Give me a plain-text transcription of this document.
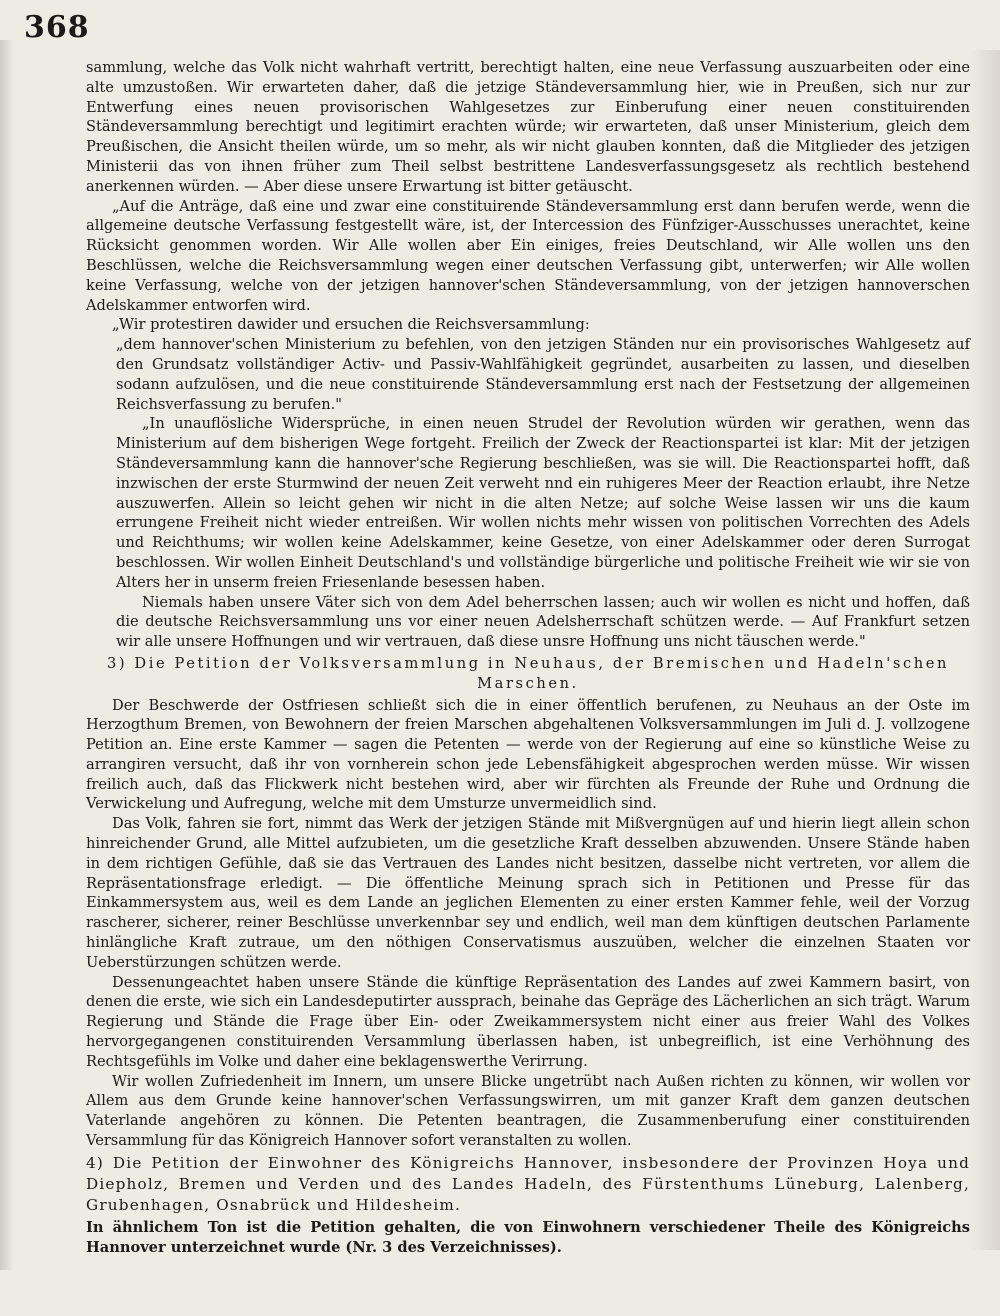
368

sammlung, welche das Volk nicht wahrhaft vertritt, berechtigt halten, eine neue Verfassung auszuarbeiten oder eine alte umzustoßen. Wir erwarteten daher, daß die jetzige Ständeversammlung hier, wie in Preußen, sich nur zur Entwerfung eines neuen provisorischen Wahlgesetzes zur Einberufung einer neuen constituirenden Ständeversammlung berechtigt und legitimirt erachten würde; wir erwarteten, daß unser Ministerium, gleich dem Preußischen, die Ansicht theilen würde, um so mehr, als wir nicht glauben konnten, daß die Mitglieder des jetzigen Ministerii das von ihnen früher zum Theil selbst bestrittene Landesverfassungsgesetz als rechtlich bestehend anerkennen würden. — Aber diese unsere Erwartung ist bitter getäuscht.

„Auf die Anträge, daß eine und zwar eine constituirende Ständeversammlung erst dann berufen werde, wenn die allgemeine deutsche Verfassung festgestellt wäre, ist, der Intercession des Fünfziger-Ausschusses unerachtet, keine Rücksicht genommen worden. Wir Alle wollen aber Ein einiges, freies Deutschland, wir Alle wollen uns den Beschlüssen, welche die Reichsversammlung wegen einer deutschen Verfassung gibt, unterwerfen; wir Alle wollen keine Verfassung, welche von der jetzigen hannover'schen Ständeversammlung, von der jetzigen hannoverschen Adelskammer entworfen wird.

„Wir protestiren dawider und ersuchen die Reichsversammlung:

„dem hannover'schen Ministerium zu befehlen, von den jetzigen Ständen nur ein provisorisches Wahlgesetz auf den Grundsatz vollständiger Activ- und Passiv-Wahlfähigkeit gegründet, ausarbeiten zu lassen, und dieselben sodann aufzulösen, und die neue constituirende Ständeversammlung erst nach der Festsetzung der allgemeinen Reichsverfassung zu berufen."

„In unauflösliche Widersprüche, in einen neuen Strudel der Revolution würden wir gerathen, wenn das Ministerium auf dem bisherigen Wege fortgeht. Freilich der Zweck der Reactionspartei ist klar: Mit der jetzigen Ständeversammlung kann die hannover'sche Regierung beschließen, was sie will. Die Reactionspartei hofft, daß inzwischen der erste Sturmwind der neuen Zeit verweht nnd ein ruhigeres Meer der Reaction erlaubt, ihre Netze auszuwerfen. Allein so leicht gehen wir nicht in die alten Netze; auf solche Weise lassen wir uns die kaum errungene Freiheit nicht wieder entreißen. Wir wollen nichts mehr wissen von politischen Vorrechten des Adels und Reichthums; wir wollen keine Adelskammer, keine Gesetze, von einer Adelskammer oder deren Surrogat beschlossen. Wir wollen Einheit Deutschland's und vollständige bürgerliche und politische Freiheit wie wir sie von Alters her in unserm freien Friesenlande besessen haben.

Niemals haben unsere Väter sich von dem Adel beherrschen lassen; auch wir wollen es nicht und hoffen, daß die deutsche Reichsversammlung uns vor einer neuen Adelsherrschaft schützen werde. — Auf Frankfurt setzen wir alle unsere Hoffnungen und wir vertrauen, daß diese unsre Hoffnung uns nicht täuschen werde."

3) Die Petition der Volksversammlung in Neuhaus, der Bremischen und Hadeln'schen Marschen.

Der Beschwerde der Ostfriesen schließt sich die in einer öffentlich berufenen, zu Neuhaus an der Oste im Herzogthum Bremen, von Bewohnern der freien Marschen abgehaltenen Volksversammlungen im Juli d. J. vollzogene Petition an. Eine erste Kammer — sagen die Petenten — werde von der Regierung auf eine so künstliche Weise zu arrangiren versucht, daß ihr von vornherein schon jede Lebensfähigkeit abgesprochen werden müsse. Wir wissen freilich auch, daß das Flickwerk nicht bestehen wird, aber wir fürchten als Freunde der Ruhe und Ordnung die Verwickelung und Aufregung, welche mit dem Umsturze unvermeidlich sind.

Das Volk, fahren sie fort, nimmt das Werk der jetzigen Stände mit Mißvergnügen auf und hierin liegt allein schon hinreichender Grund, alle Mittel aufzubieten, um die gesetzliche Kraft desselben abzuwenden. Unsere Stände haben in dem richtigen Gefühle, daß sie das Vertrauen des Landes nicht besitzen, dasselbe nicht vertreten, vor allem die Repräsentationsfrage erledigt. — Die öffentliche Meinung sprach sich in Petitionen und Presse für das Einkammersystem aus, weil es dem Lande an jeglichen Elementen zu einer ersten Kammer fehle, weil der Vorzug rascherer, sicherer, reiner Beschlüsse unverkennbar sey und endlich, weil man dem künftigen deutschen Parlamente hinlängliche Kraft zutraue, um den nöthigen Conservatismus auszuüben, welcher die einzelnen Staaten vor Ueberstürzungen schützen werde.

Dessenungeachtet haben unsere Stände die künftige Repräsentation des Landes auf zwei Kammern basirt, von denen die erste, wie sich ein Landesdeputirter aussprach, beinahe das Gepräge des Lächerlichen an sich trägt. Warum Regierung und Stände die Frage über Ein- oder Zweikammersystem nicht einer aus freier Wahl des Volkes hervorgegangenen constituirenden Versammlung überlassen haben, ist unbegreiflich, ist eine Verhöhnung des Rechtsgefühls im Volke und daher eine beklagenswerthe Verirrung.

Wir wollen Zufriedenheit im Innern, um unsere Blicke ungetrübt nach Außen richten zu können, wir wollen vor Allem aus dem Grunde keine hannover'schen Verfassungswirren, um mit ganzer Kraft dem ganzen deutschen Vaterlande angehören zu können. Die Petenten beantragen, die Zusammenberufung einer constituirenden Versammlung für das Königreich Hannover sofort veranstalten zu wollen.

4) Die Petition der Einwohner des Königreichs Hannover, insbesondere der Provinzen Hoya und Diepholz, Bremen und Verden und des Landes Hadeln, des Fürstenthums Lüneburg, Lalenberg, Grubenhagen, Osnabrück und Hildesheim.

In ähnlichem Ton ist die Petition gehalten, die von Einwohnern verschiedener Theile des Königreichs Hannover unterzeichnet wurde (Nr. 3 des Verzeichnisses).
